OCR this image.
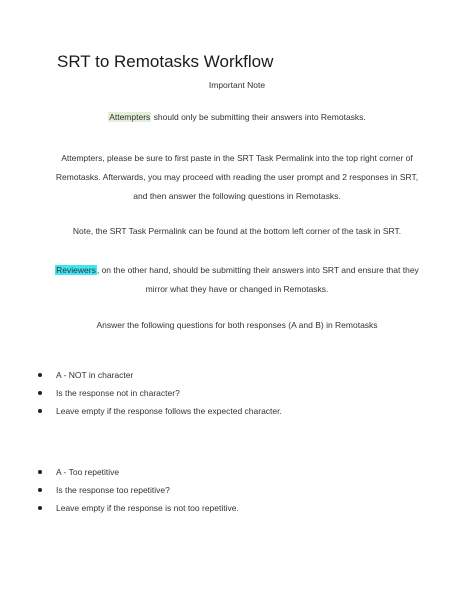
SRT to Remotasks Workflow
Important Note
Attempters should only be submitting their answers into Remotasks.
Attempters, please be sure to first paste in the SRT Task Permalink into the top right corner of
Remotasks. Afterwards, you may proceed with reading the user prompt and 2 responses in SRT,
and then answer the following questions in Remotasks.
Note, the SRT Task Permalink can be found at the bottom left corner of the task in SRT.
Reviewers, on the other hand, should be submitting their answers into SRT and ensure that they
mirror what they have or changed in Remotasks.
Answer the following questions for both responses (A and B) in Remotasks
A - NOT in character
Is the response not in character?
Leave empty if the response follows the expected character.
A - Too repetitive
Is the response too repetitive?
Leave empty if the response is not too repetitive.
